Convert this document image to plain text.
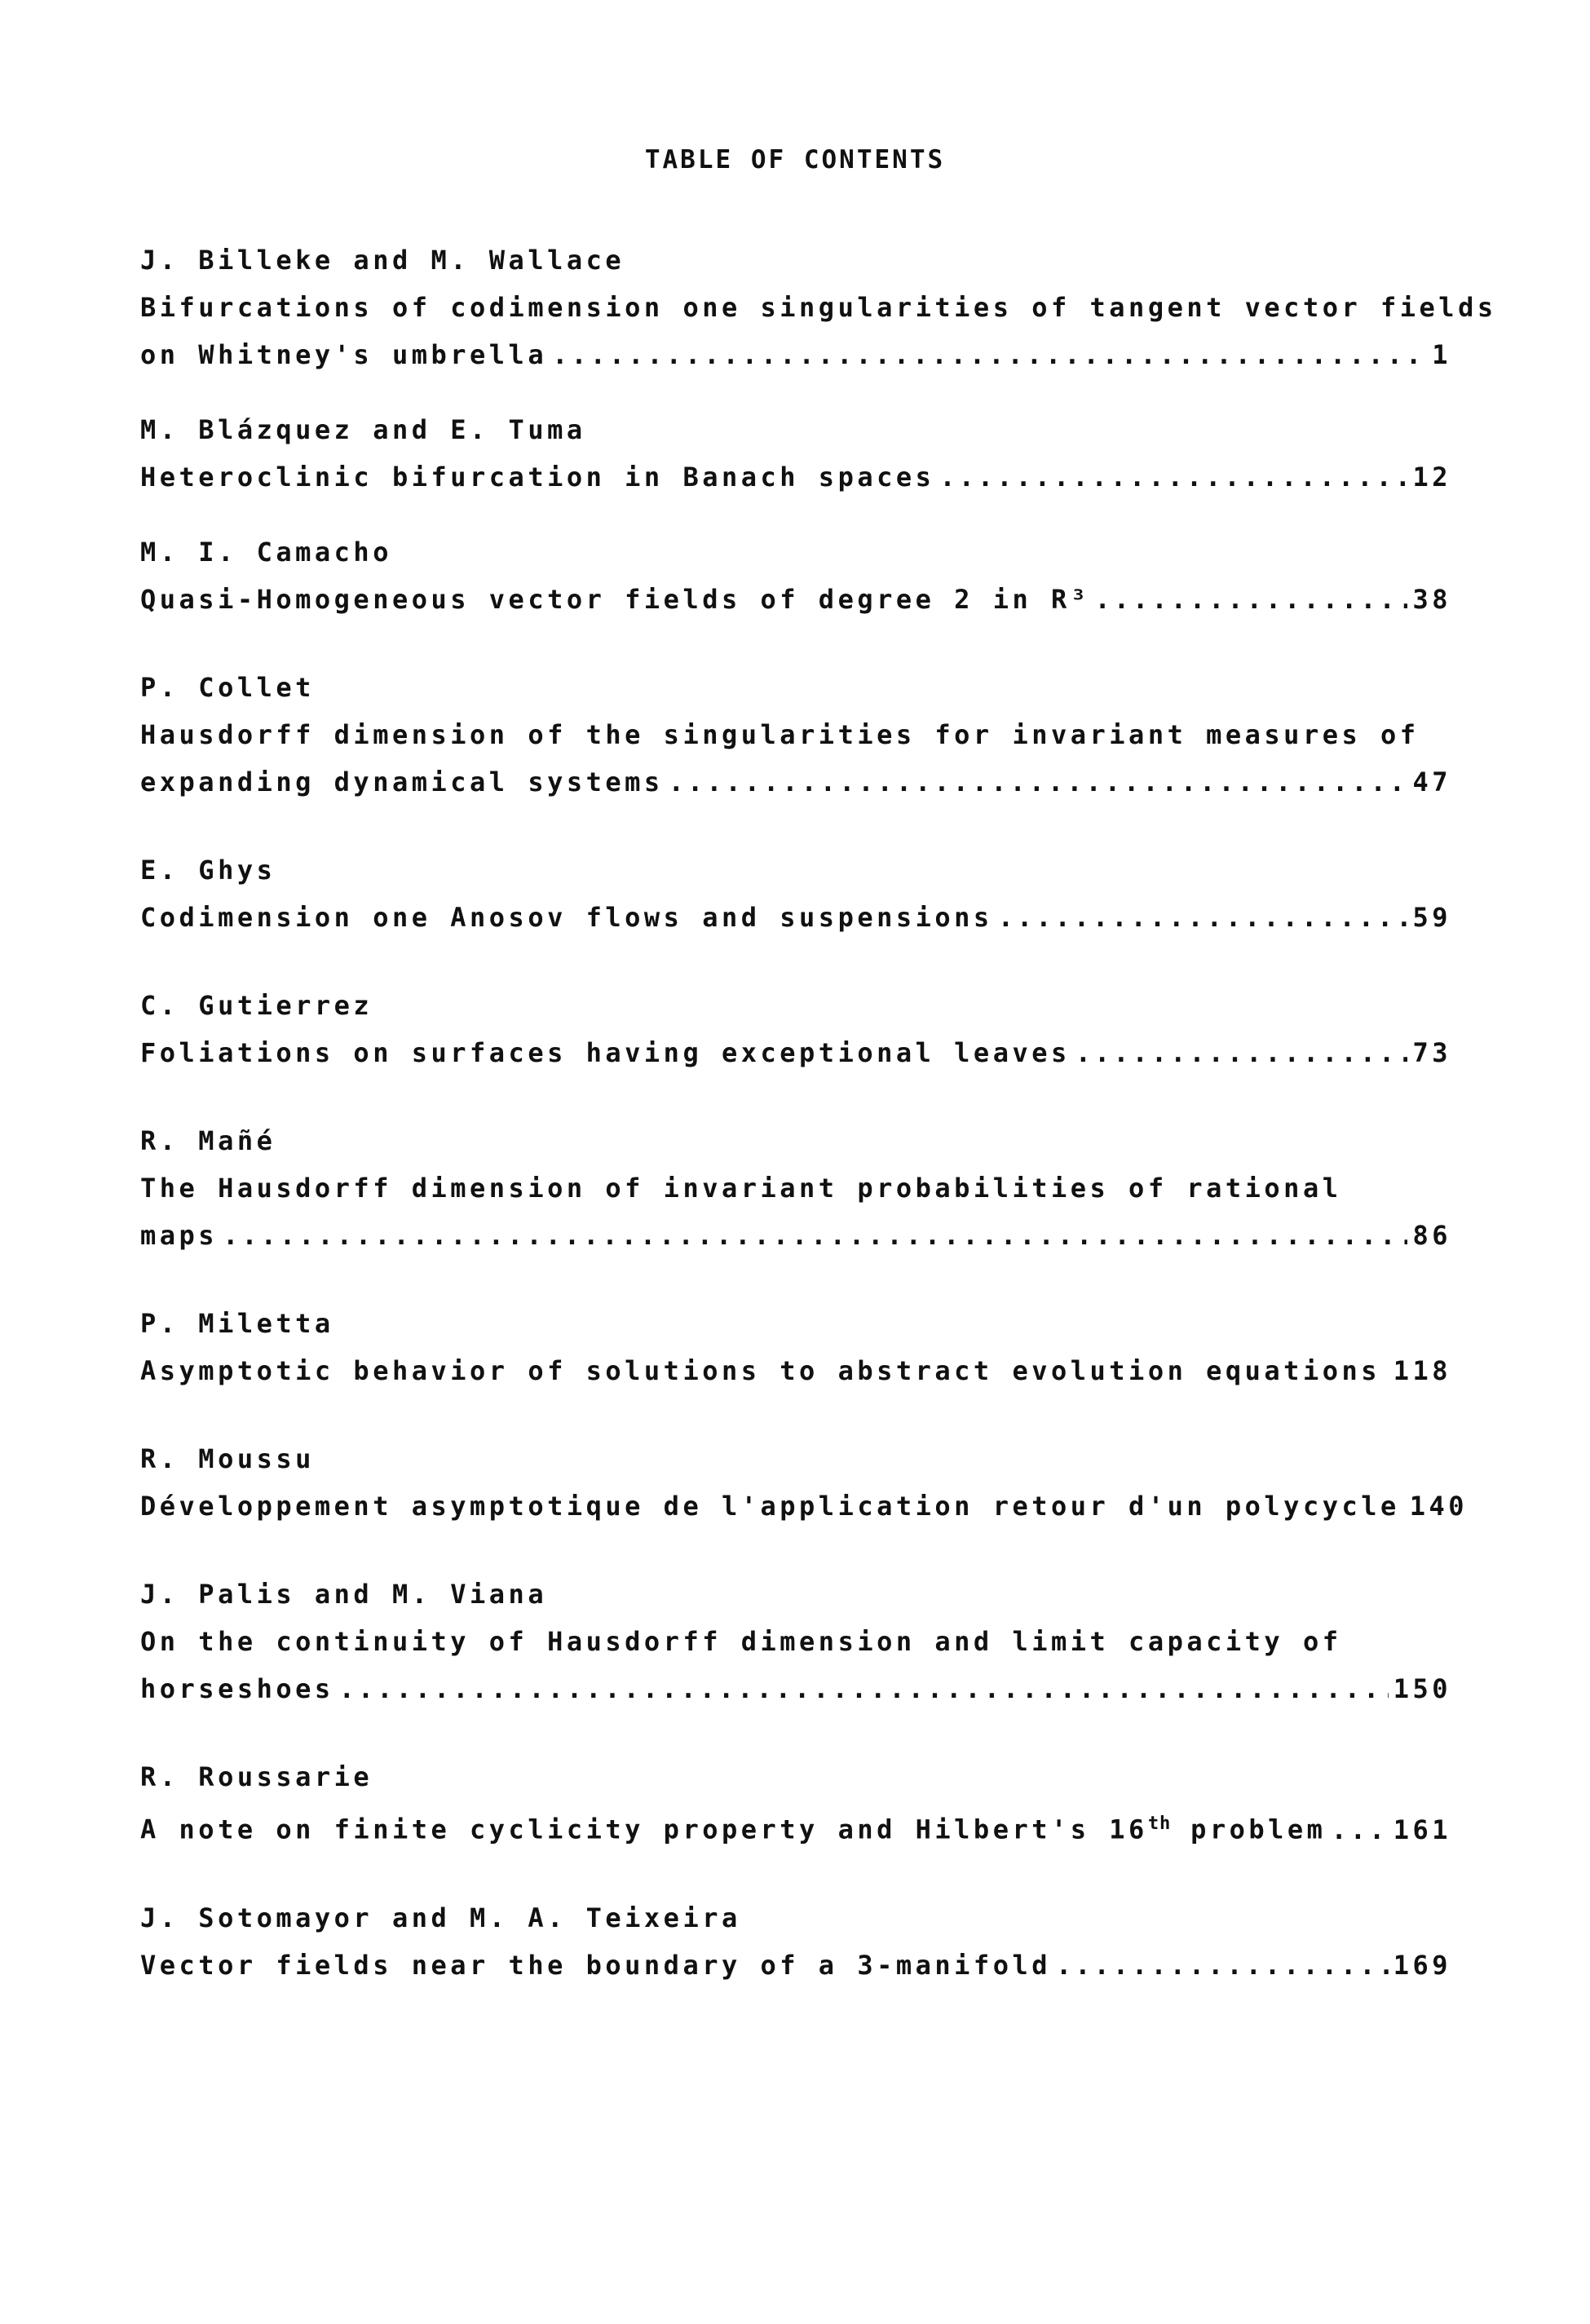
TABLE OF CONTENTS
J. Billeke and M. Wallace
Bifurcations of codimension one singularities of tangent vector fields
on Whitney's umbrella .....	1
M. Blázquez and E. Tuma
Heteroclinic bifurcation in Banach spaces .....	12
M. I. Camacho
Quasi-Homogeneous vector fields of degree 2 in R³ .....	38
P. Collet
Hausdorff dimension of the singularities for invariant measures of
expanding dynamical systems .....	47
E. Ghys
Codimension one Anosov flows and suspensions .....	59
C. Gutierrez
Foliations on surfaces having exceptional leaves .....	73
R. Mañé
The Hausdorff dimension of invariant probabilities of rational
maps .....	86
P. Miletta
Asymptotic behavior of solutions to abstract evolution equations ..... 118
R. Moussu
Développement asymptotique de l'application retour d'un polycycle 140
J. Palis and M. Viana
On the continuity of Hausdorff dimension and limit capacity of
horseshoes .....	150
R. Roussarie
A note on finite cyclicity property and Hilbert's 16th problem .....	161
J. Sotomayor and M. A. Teixeira
Vector fields near the boundary of a 3-manifold .....	169
